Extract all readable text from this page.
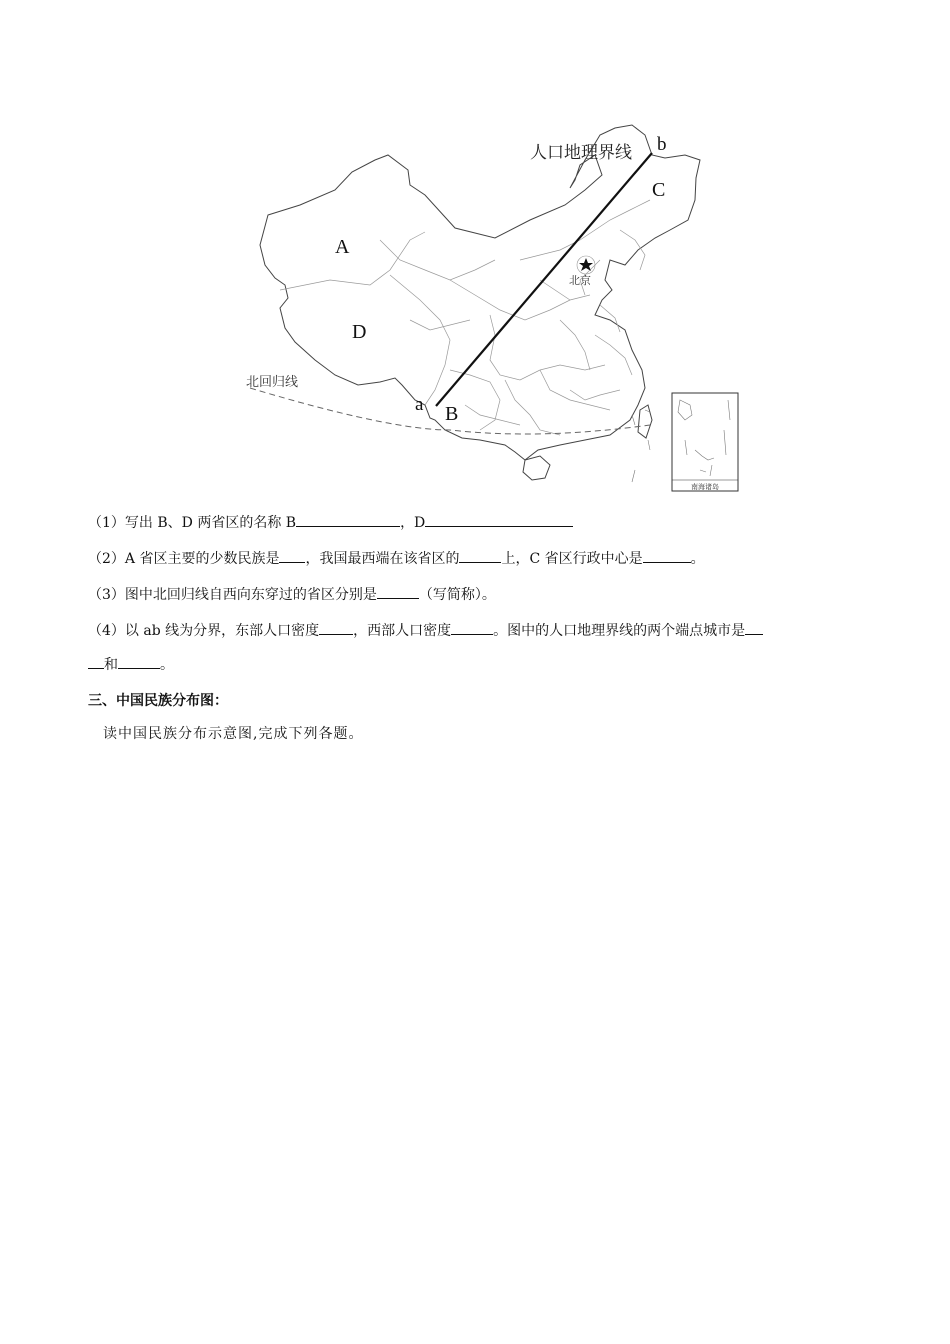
人口地理界线 b
a
A
B
C
D
北京
北回归线
南海诸岛
（1）写出 B、D 两省区的名称 B	，D
（2）A 省区主要的少数民族是 ，我国最西端在该省区的	上，C 省区行政中心是	。
（3）图中北回归线自西向东穿过的省区分别是	（写简称）。
（4）以 ab 线为分界，东部人口密度 ，西部人口密度	。图中的人口地理界线的两个端点城市是
和	。
三、中国民族分布图：
读中国民族分布示意图,完成下列各题。
